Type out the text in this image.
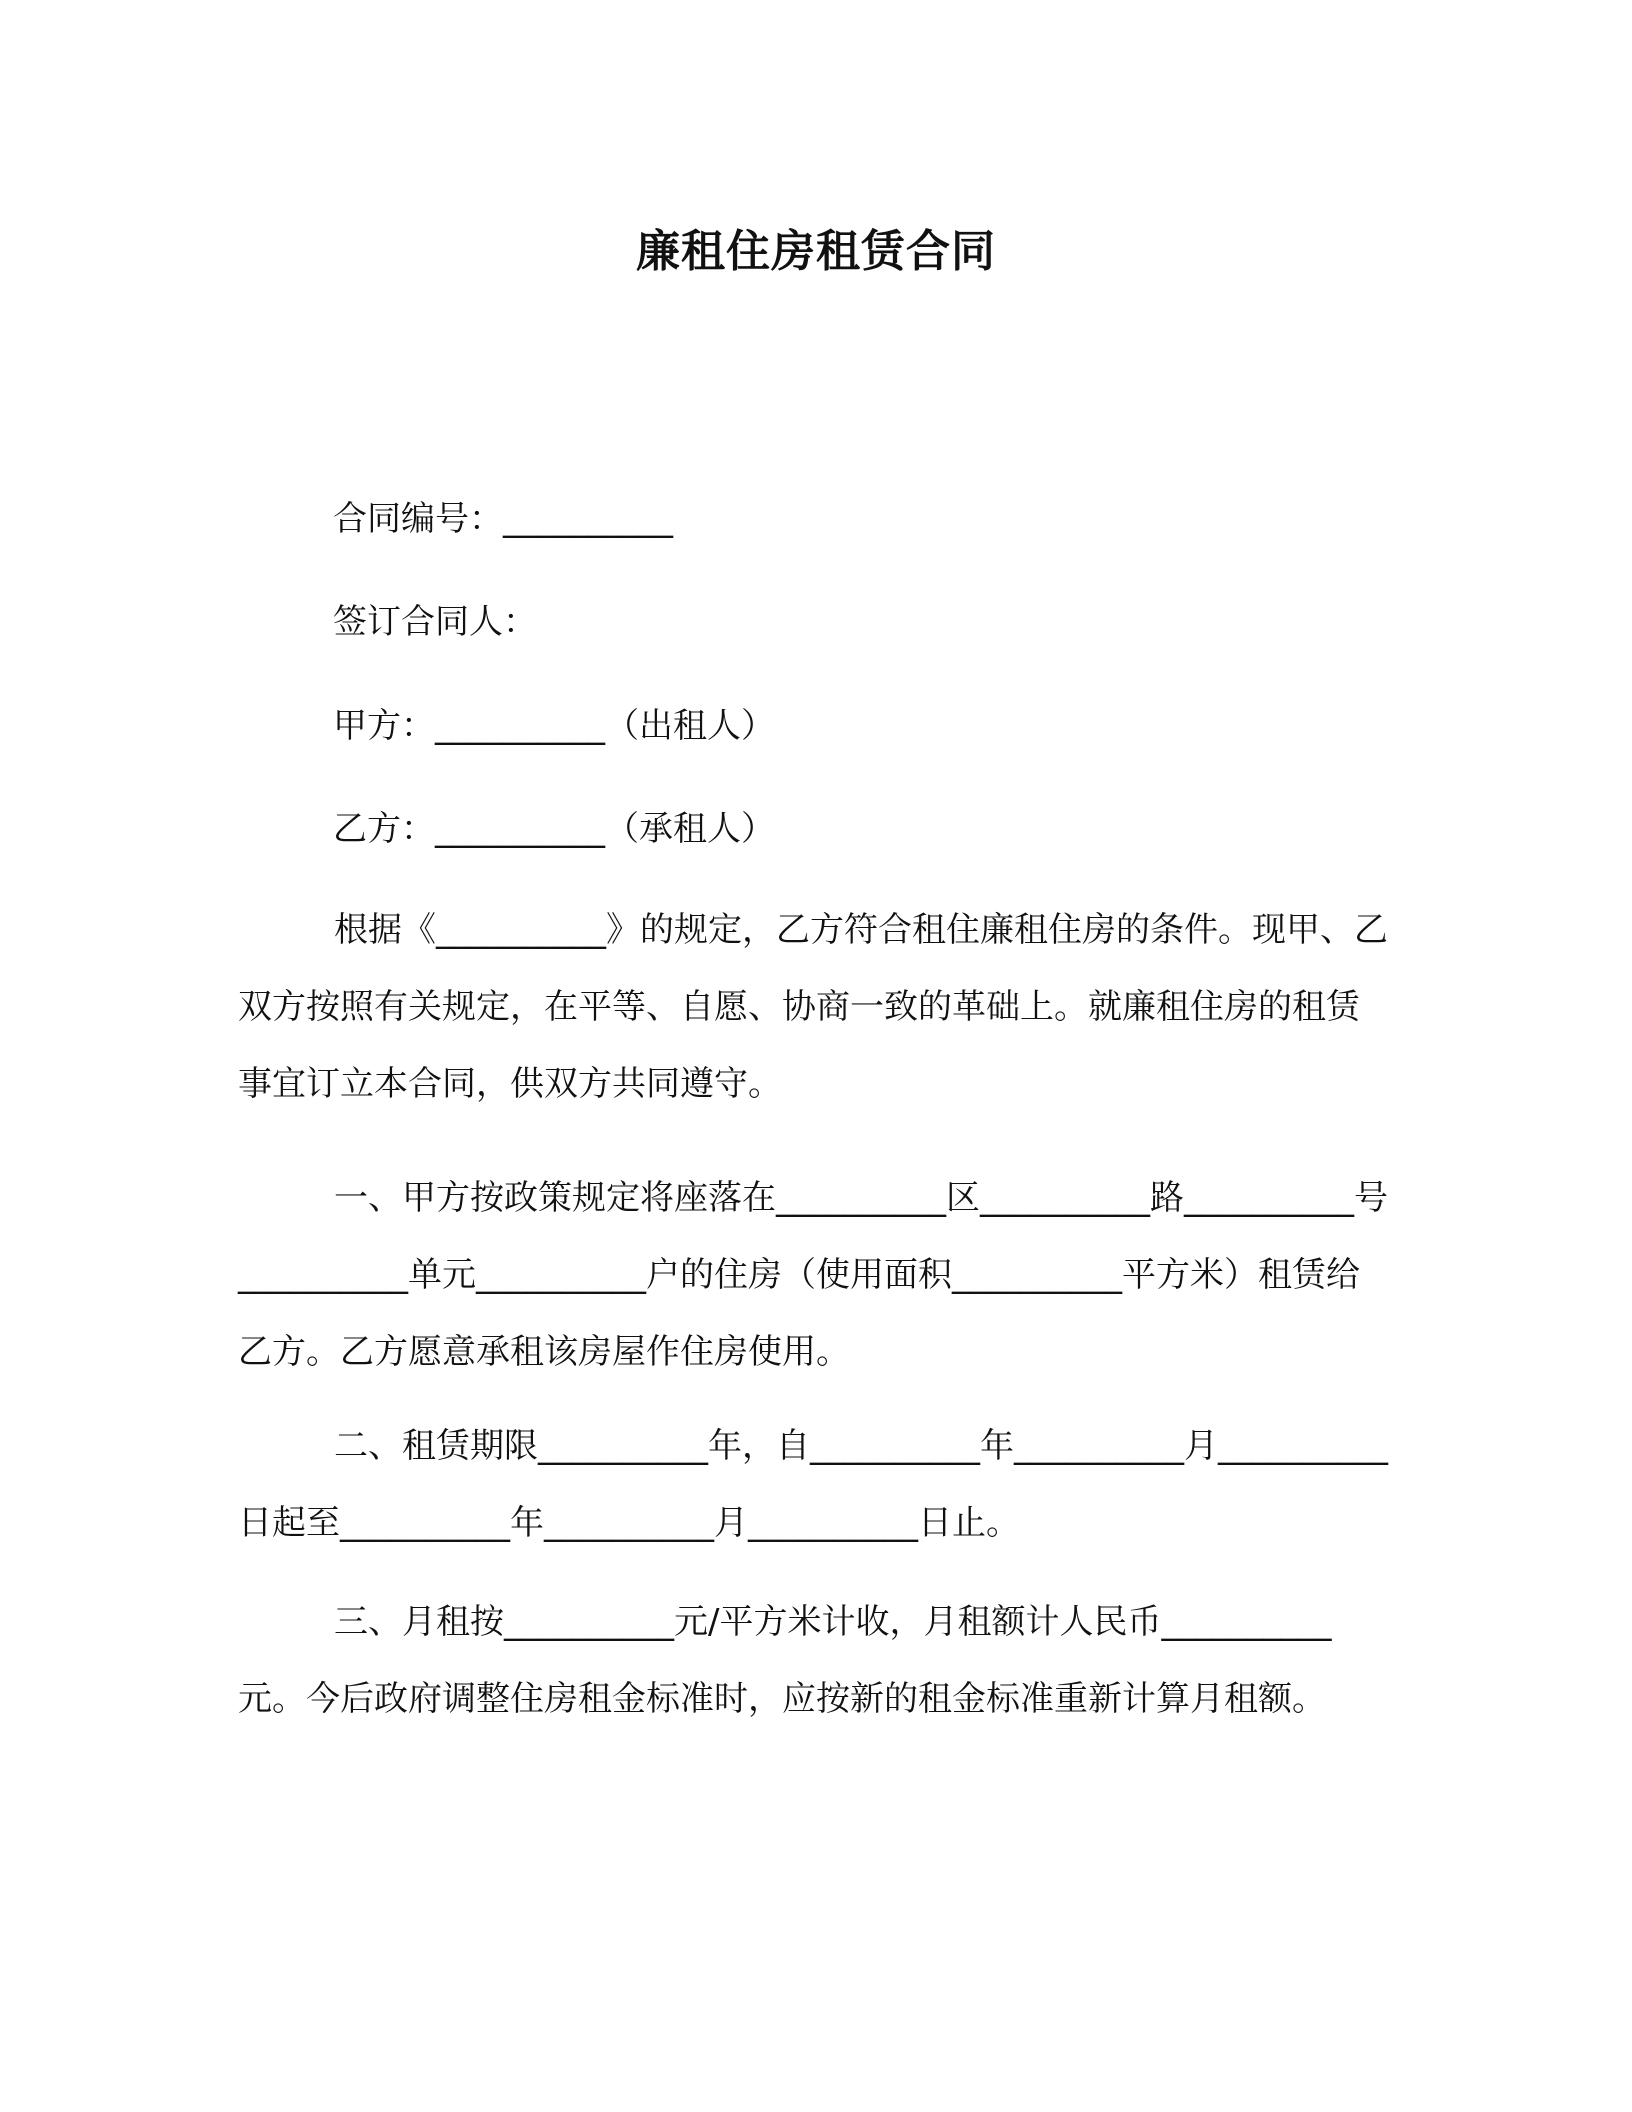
廉租住房租赁合同
合同编号：__________
签订合同人：
甲方：__________（出租人）
乙方：__________（承租人）
根据《__________》的规定，乙方符合租住廉租住房的条件。现甲、乙双方按照有关规定，在平等、自愿、协商一致的革础上。就廉租住房的租赁事宜订立本合同，供双方共同遵守。
一、甲方按政策规定将座落在__________区__________路__________号__________单元__________户的住房（使用面积__________平方米）租赁给乙方。乙方愿意承租该房屋作住房使用。
二、租赁期限__________年，自__________年__________月__________日起至__________年__________月__________日止。
三、月租按__________元/平方米计收，月租额计人民币__________元。今后政府调整住房租金标准时，应按新的租金标准重新计算月租额。
